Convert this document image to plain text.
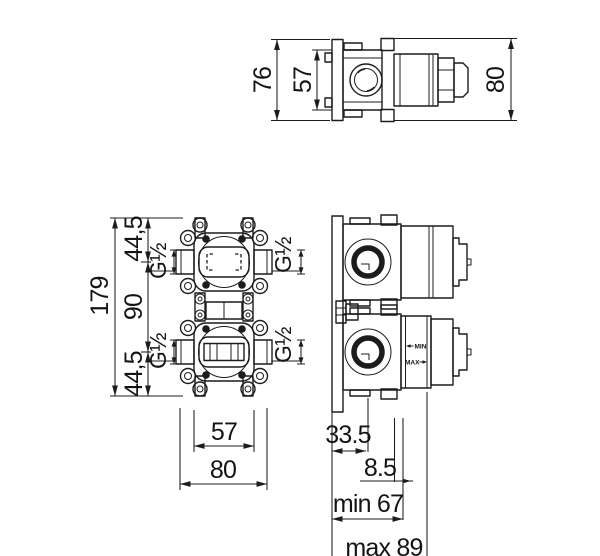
76 57	80
179
44,5
90
44,5
G½	G½
G½	G½
57
80
MIN
MAX
33.5
8.5
min 67
max 89
